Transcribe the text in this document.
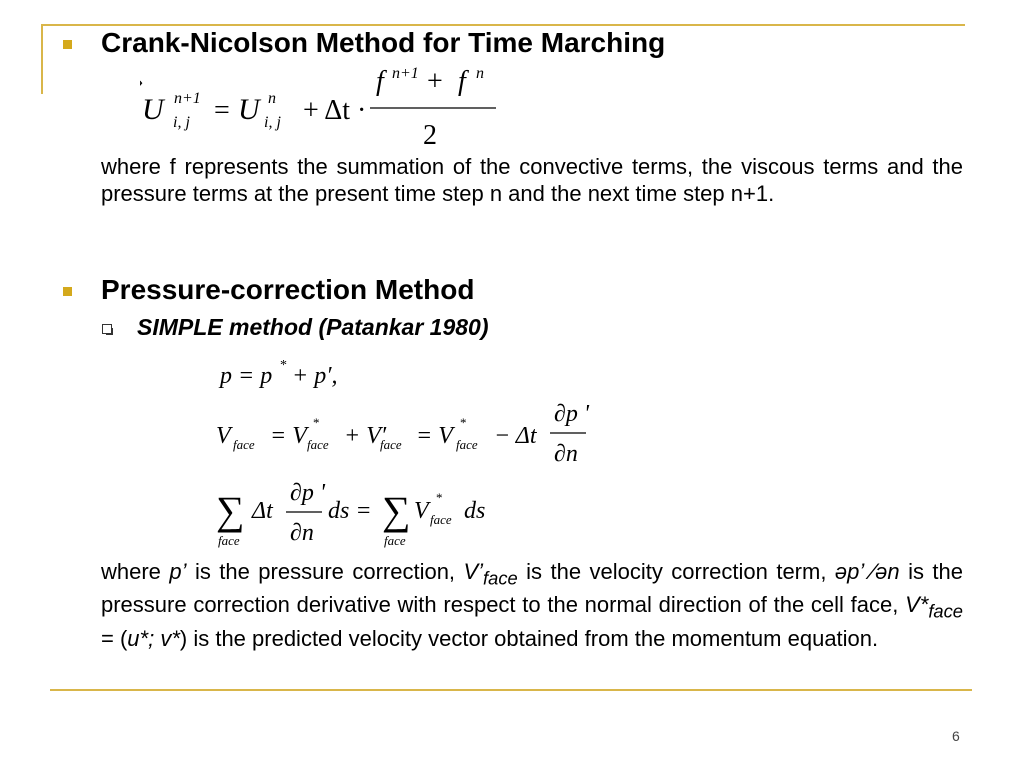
Crank-Nicolson Method for Time Marching
U n+1
i, j = U n
i, j + Δt ·
f n+1 + f n
2
where f represents the summation of the convective terms, the viscous terms and the pressure terms at the present time step n and the next time step n+1.
Pressure-correction Method
SIMPLE method (Patankar 1980)
p = p * + p′,
V face = V
*
face + V′
face = V
*
face − Δt
∂p '
∂n
∑
face
Δt
∂p '
∂n
ds = ∑
face
V
*
face ds
where p’ is the pressure correction, $V’_{face}$ is the velocity correction term, əp’ ⁄ən is the pressure correction derivative with respect to the normal direction of the cell face, $V*_{face} = (u*$; v*) is the predicted velocity vector obtained from the momentum equation.
6
